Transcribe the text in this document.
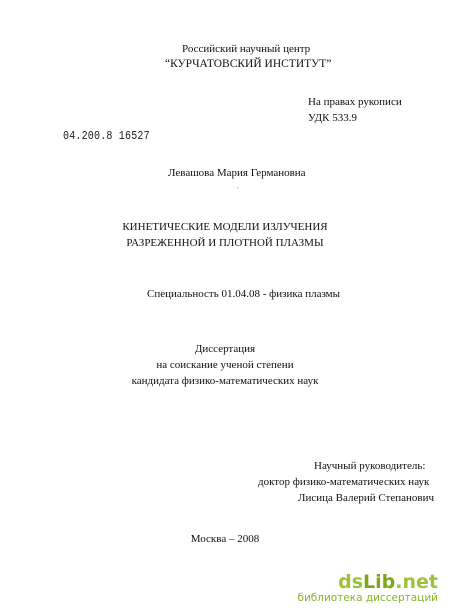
Российский научный центр
“КУРЧАТОВСКИЙ ИНСТИТУТ”
На правах рукописи
УДК 533.9
04.200.8 16527
Левашова Мария Германовна
'
КИНЕТИЧЕСКИЕ МОДЕЛИ ИЗЛУЧЕНИЯ
РАЗРЕЖЕННОЙ И ПЛОТНОЙ ПЛАЗМЫ
Специальность 01.04.08 - физика плазмы
Диссертация
на соискание ученой степени
кандидата физико-математических наук
Научный руководитель:
доктор физико-математических наук
Лисица Валерий Степанович
Москва – 2008
dsLib.net
библиотека диссертаций
